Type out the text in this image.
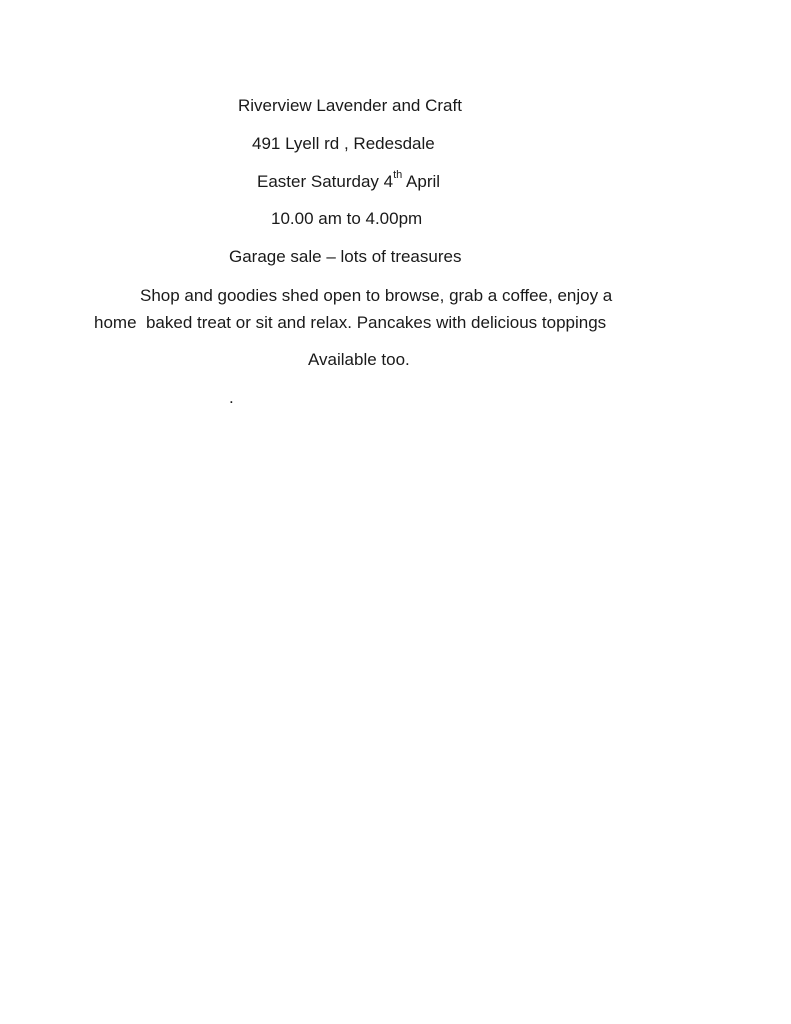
Riverview Lavender and Craft

491 Lyell rd , Redesdale

Easter Saturday 4th April

10.00 am to 4.00pm

Garage sale – lots of treasures

Shop and goodies shed open to browse, grab a coffee, enjoy a

home  baked treat or sit and relax. Pancakes with delicious toppings

Available too.

.
